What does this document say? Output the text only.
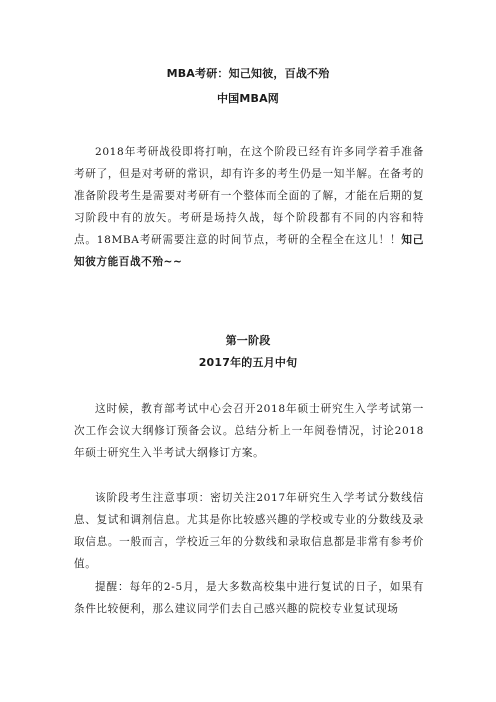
MBA考研：知己知彼，百战不殆
中国MBA网

2018年考研战役即将打响，在这个阶段已经有许多同学着手准备考研了，但是对考研的常识，却有许多的考生仍是一知半解。在备考的准备阶段考生是需要对考研有一个整体而全面的了解，才能在后期的复习阶段中有的放矢。考研是场持久战，每个阶段都有不同的内容和特点。18MBA考研需要注意的时间节点，考研的全程全在这儿！！知己知彼方能百战不殆~~

第一阶段
2017年的五月中旬

这时候，教育部考试中心会召开2018年硕士研究生入学考试第一次工作会议大纲修订预备会议。总结分析上一年阅卷情况，讨论2018年硕士研究生入半考试大纲修订方案。

该阶段考生注意事项：密切关注2017年研究生入学考试分数线信息、复试和调剂信息。尤其是你比较感兴趣的学校或专业的分数线及录取信息。一般而言，学校近三年的分数线和录取信息都是非常有参考价值。

提醒：每年的2-5月，是大多数高校集中进行复试的日子，如果有条件比较便利，那么建议同学们去自己感兴趣的院校专业复试现场
